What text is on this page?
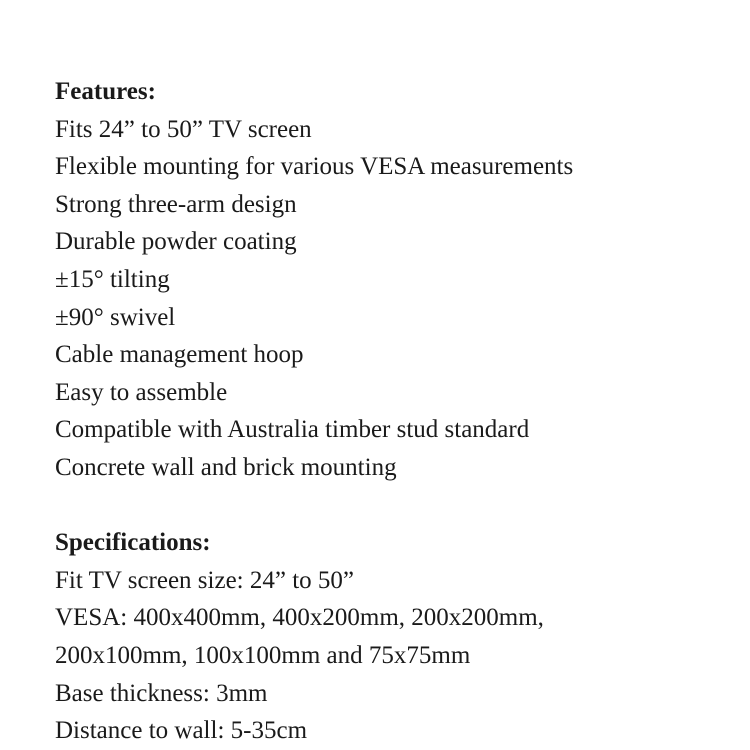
Features:

Fits 24” to 50” TV screen

Flexible mounting for various VESA measurements

Strong three-arm design

Durable powder coating

±15° tilting

±90° swivel

Cable management hoop

Easy to assemble

Compatible with Australia timber stud standard

Concrete wall and brick mounting

Specifications:

Fit TV screen size: 24” to 50”

VESA: 400x400mm, 400x200mm, 200x200mm,

200x100mm, 100x100mm and 75x75mm

Base thickness: 3mm

Distance to wall: 5-35cm
